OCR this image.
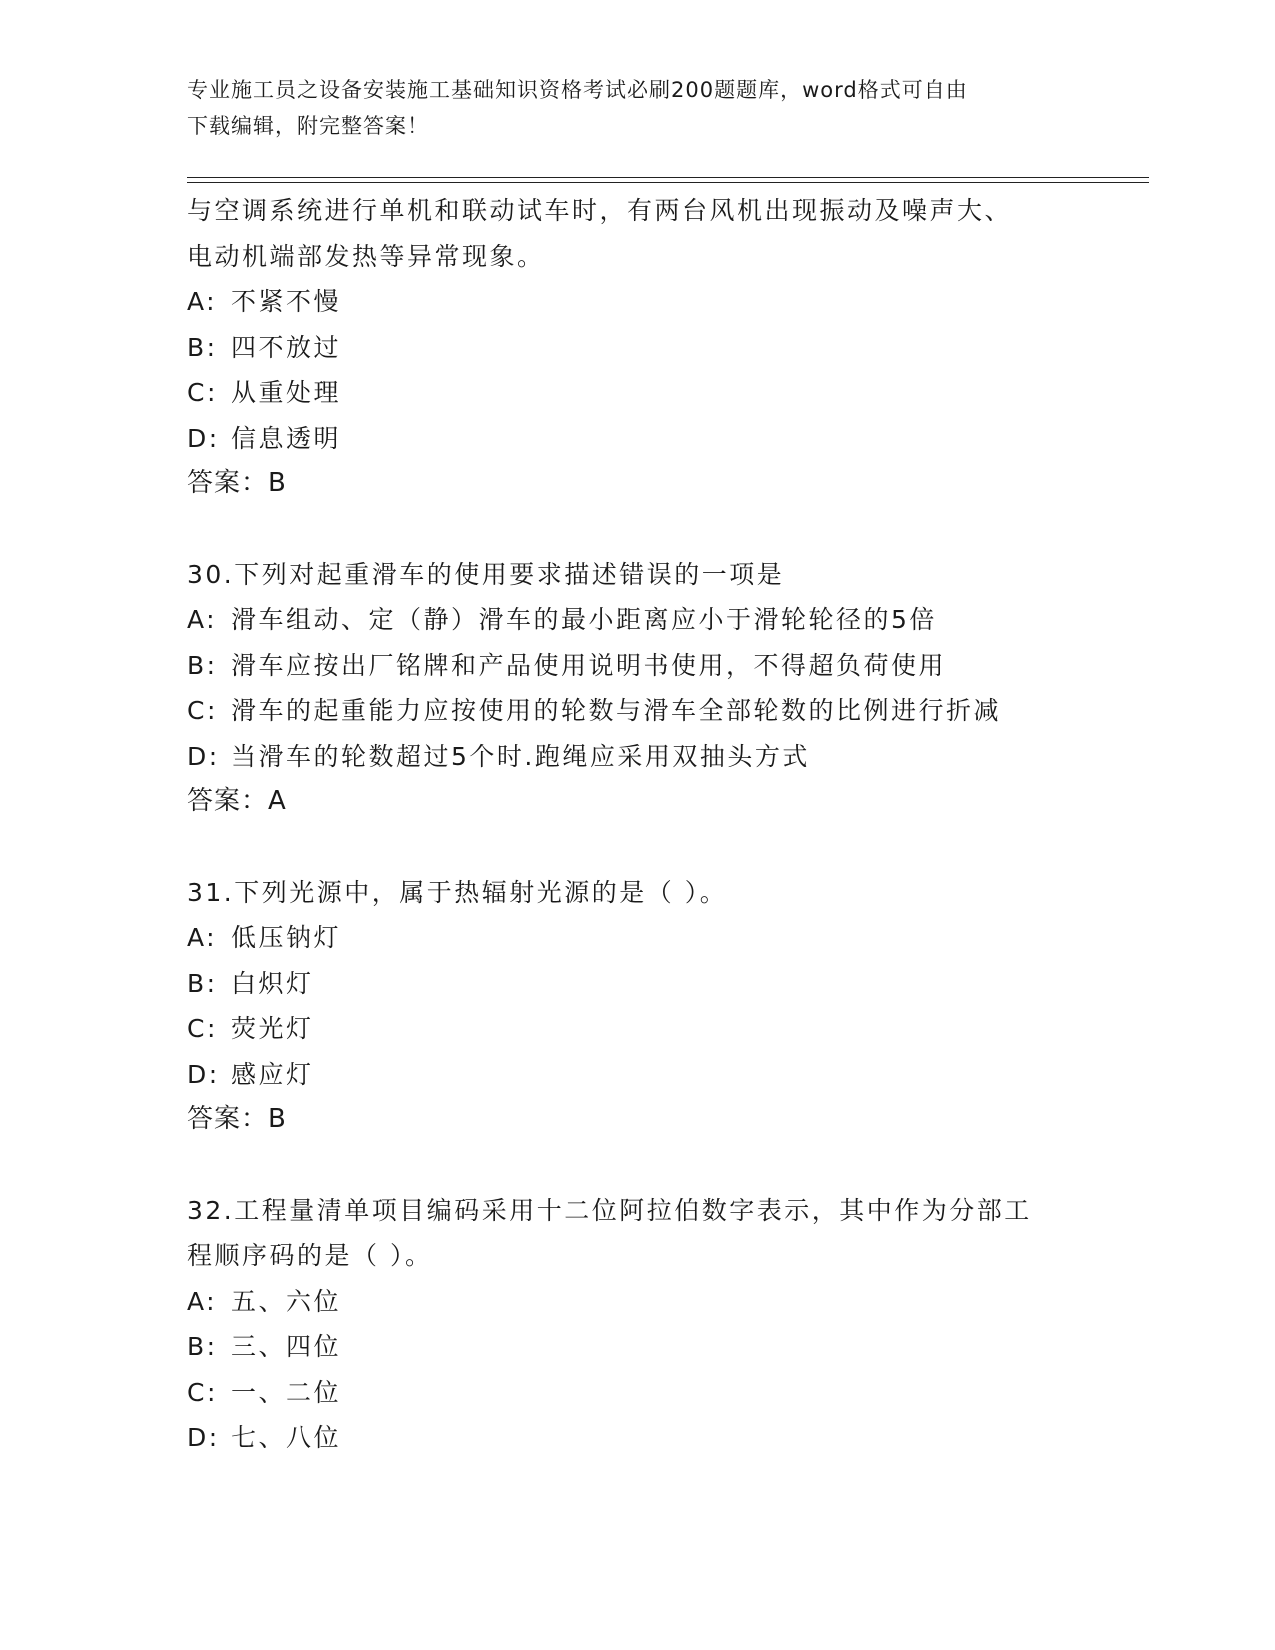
专业施工员之设备安装施工基础知识资格考试必刷200题题库，word格式可自由
下载编辑，附完整答案！
与空调系统进行单机和联动试车时，有两台风机出现振动及噪声大、
电动机端部发热等异常现象。
A: 不紧不慢
B: 四不放过
C: 从重处理
D: 信息透明
答案：B
30.下列对起重滑车的使用要求描述错误的一项是
A: 滑车组动、定（静）滑车的最小距离应小于滑轮轮径的5倍
B: 滑车应按出厂铭牌和产品使用说明书使用，不得超负荷使用
C: 滑车的起重能力应按使用的轮数与滑车全部轮数的比例进行折减
D: 当滑车的轮数超过5个时.跑绳应采用双抽头方式
答案：A
31.下列光源中，属于热辐射光源的是（ ）。
A: 低压钠灯
B: 白炽灯
C: 荧光灯
D: 感应灯
答案：B
32.工程量清单项目编码采用十二位阿拉伯数字表示，其中作为分部工
程顺序码的是（ ）。
A: 五、六位
B: 三、四位
C: 一、二位
D: 七、八位
